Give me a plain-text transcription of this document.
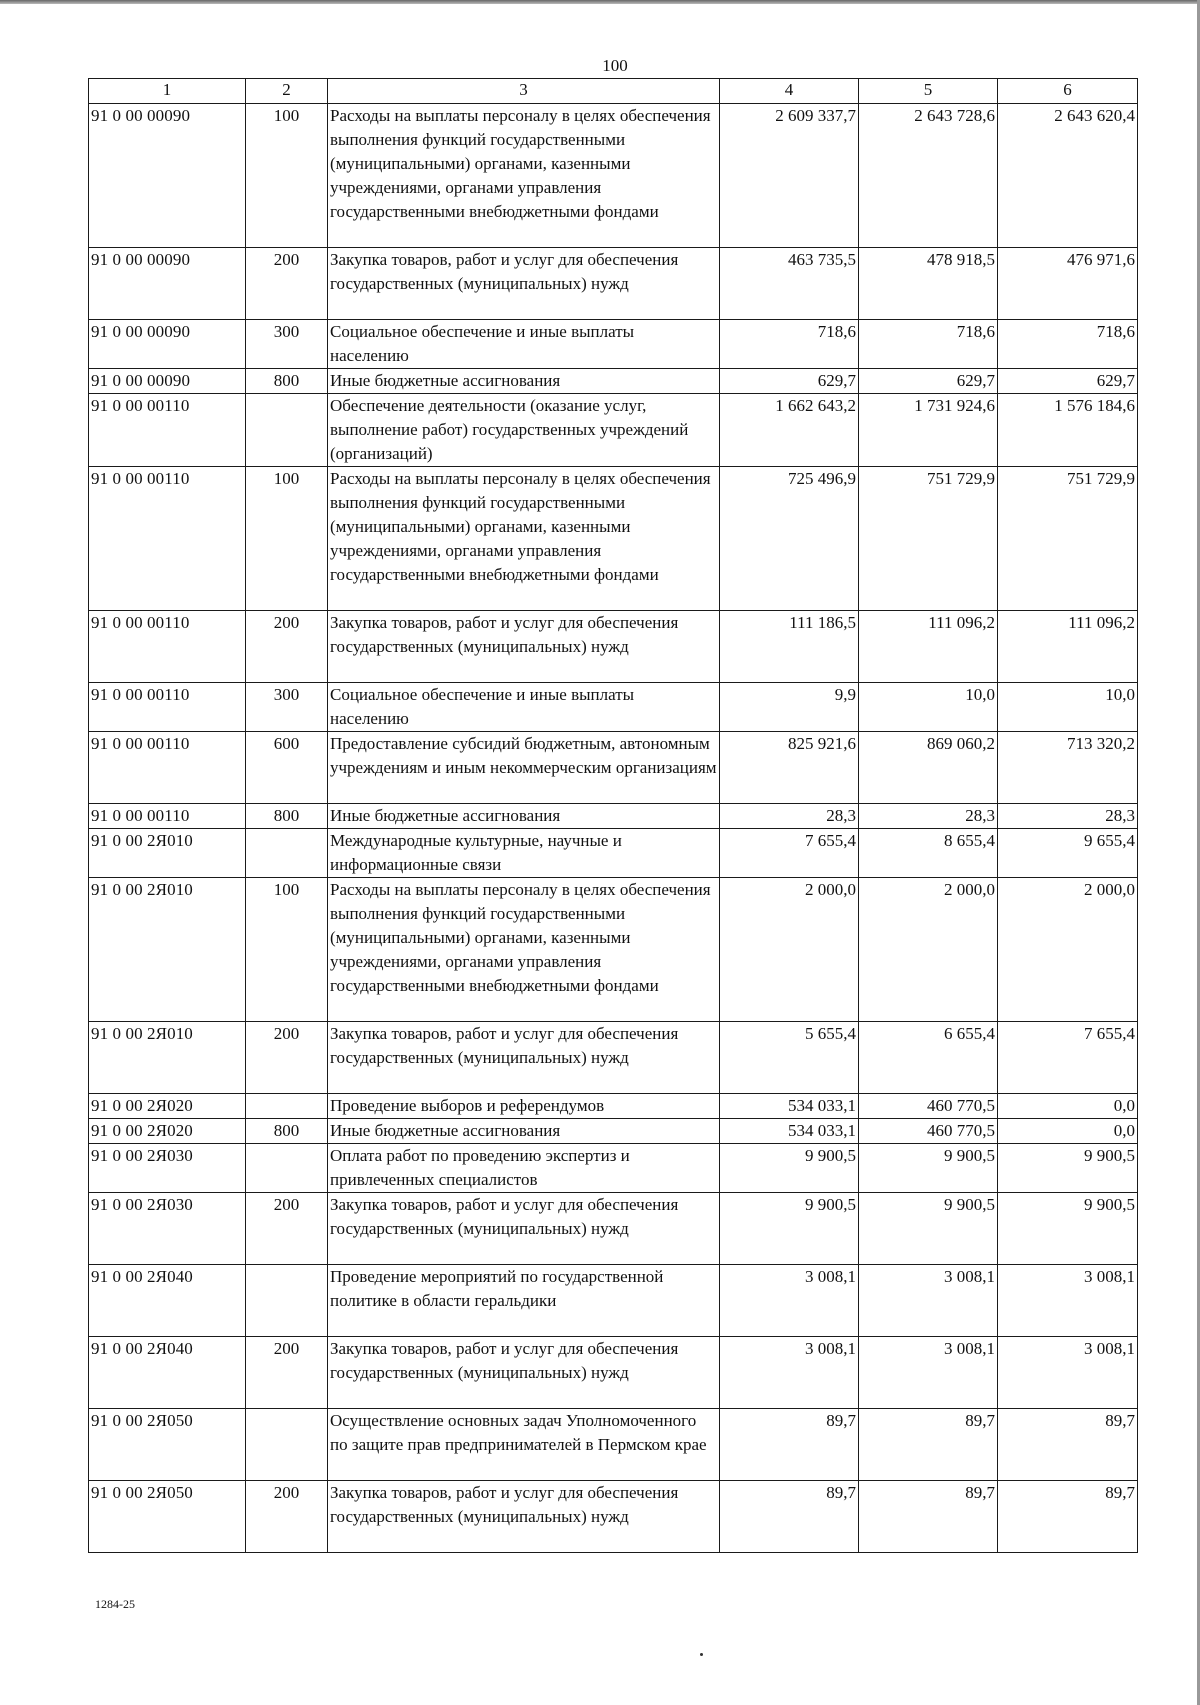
100
1	2	3	4	5	6
91 0 00 00090	100	Расходы на выплаты персоналу в целях обеспечения выполнения функций государственными (муниципальными) органами, казенными учреждениями, органами управления государственными внебюджетными фондами	2 609 337,7	2 643 728,6	2 643 620,4
91 0 00 00090	200	Закупка товаров, работ и услуг для обеспечения государственных (муниципальных) нужд	463 735,5	478 918,5	476 971,6
91 0 00 00090	300	Социальное обеспечение и иные выплаты населению	718,6	718,6	718,6
91 0 00 00090	800	Иные бюджетные ассигнования	629,7	629,7	629,7
91 0 00 00110		Обеспечение деятельности (оказание услуг, выполнение работ) государственных учреждений (организаций)	1 662 643,2	1 731 924,6	1 576 184,6
91 0 00 00110	100	Расходы на выплаты персоналу в целях обеспечения выполнения функций государственными (муниципальными) органами, казенными учреждениями, органами управления государственными внебюджетными фондами	725 496,9	751 729,9	751 729,9
91 0 00 00110	200	Закупка товаров, работ и услуг для обеспечения государственных (муниципальных) нужд	111 186,5	111 096,2	111 096,2
91 0 00 00110	300	Социальное обеспечение и иные выплаты населению	9,9	10,0	10,0
91 0 00 00110	600	Предоставление субсидий бюджетным, автономным учреждениям и иным некоммерческим организациям	825 921,6	869 060,2	713 320,2
91 0 00 00110	800	Иные бюджетные ассигнования	28,3	28,3	28,3
91 0 00 2Я010		Международные культурные, научные и информационные связи	7 655,4	8 655,4	9 655,4
91 0 00 2Я010	100	Расходы на выплаты персоналу в целях обеспечения выполнения функций государственными (муниципальными) органами, казенными учреждениями, органами управления государственными внебюджетными фондами	2 000,0	2 000,0	2 000,0
91 0 00 2Я010	200	Закупка товаров, работ и услуг для обеспечения государственных (муниципальных) нужд	5 655,4	6 655,4	7 655,4
91 0 00 2Я020		Проведение выборов и референдумов	534 033,1	460 770,5	0,0
91 0 00 2Я020	800	Иные бюджетные ассигнования	534 033,1	460 770,5	0,0
91 0 00 2Я030		Оплата работ по проведению экспертиз и привлеченных специалистов	9 900,5	9 900,5	9 900,5
91 0 00 2Я030	200	Закупка товаров, работ и услуг для обеспечения государственных (муниципальных) нужд	9 900,5	9 900,5	9 900,5
91 0 00 2Я040		Проведение мероприятий по государственной политике в области геральдики	3 008,1	3 008,1	3 008,1
91 0 00 2Я040	200	Закупка товаров, работ и услуг для обеспечения государственных (муниципальных) нужд	3 008,1	3 008,1	3 008,1
91 0 00 2Я050		Осуществление основных задач Уполномоченного по защите прав предпринимателей в Пермском крае	89,7	89,7	89,7
91 0 00 2Я050	200	Закупка товаров, работ и услуг для обеспечения государственных (муниципальных) нужд	89,7	89,7	89,7
1284-25
